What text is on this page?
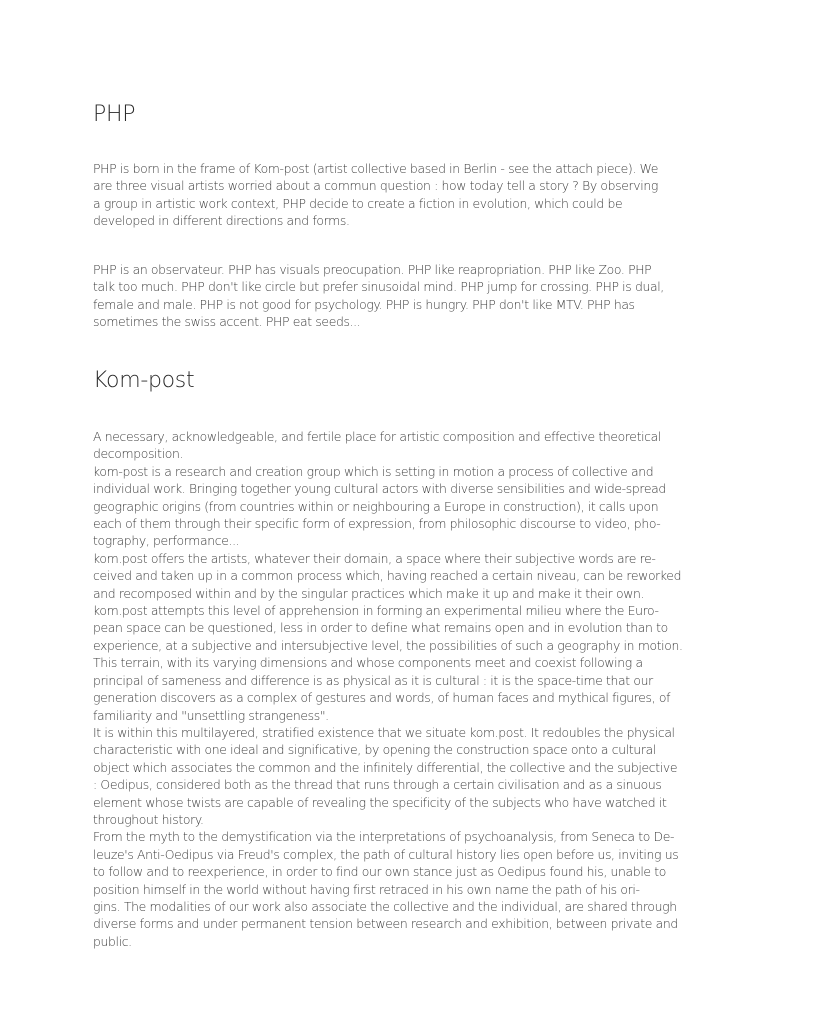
PHP

PHP is born in the frame of Kom-post (artist collective based in Berlin - see the attach piece). We
are three visual artists worried about a commun question : how today tell a story ? By observing
a group in artistic work context, PHP decide to create a fiction in evolution, which could be
developed in different directions and forms.

PHP is an observateur. PHP has visuals preocupation. PHP like reapropriation. PHP like Zoo. PHP
talk too much. PHP don't like circle but prefer sinusoidal mind. PHP jump for crossing. PHP is dual,
female and male. PHP is not good for psychology. PHP is hungry. PHP don't like MTV. PHP has
sometimes the swiss accent. PHP eat seeds...

Kom-post

A necessary, acknowledgeable, and fertile place for artistic composition and effective theoretical
decomposition.
kom-post is a research and creation group which is setting in motion a process of collective and
individual work. Bringing together young cultural actors with diverse sensibilities and wide-spread
geographic origins (from countries within or neighbouring a Europe in construction), it calls upon
each of them through their specific form of expression, from philosophic discourse to video, pho-
tography, performance...
kom.post offers the artists, whatever their domain, a space where their subjective words are re-
ceived and taken up in a common process which, having reached a certain niveau, can be reworked
and recomposed within and by the singular practices which make it up and make it their own.
kom.post attempts this level of apprehension in forming an experimental milieu where the Euro-
pean space can be questioned, less in order to define what remains open and in evolution than to
experience, at a subjective and intersubjective level, the possibilities of such a geography in motion.
This terrain, with its varying dimensions and whose components meet and coexist following a
principal of sameness and difference is as physical as it is cultural : it is the space-time that our
generation discovers as a complex of gestures and words, of human faces and mythical figures, of
familiarity and "unsettling strangeness".
It is within this multilayered, stratified existence that we situate kom.post. It redoubles the physical
characteristic with one ideal and significative, by opening the construction space onto a cultural
object which associates the common and the infinitely differential, the collective and the subjective
: Oedipus, considered both as the thread that runs through a certain civilisation and as a sinuous
element whose twists are capable of revealing the specificity of the subjects who have watched it
throughout history.
From the myth to the demystification via the interpretations of psychoanalysis, from Seneca to De-
leuze's Anti-Oedipus via Freud's complex, the path of cultural history lies open before us, inviting us
to follow and to reexperience, in order to find our own stance just as Oedipus found his, unable to
position himself in the world without having first retraced in his own name the path of his ori-
gins. The modalities of our work also associate the collective and the individual, are shared through
diverse forms and under permanent tension between research and exhibition, between private and
public.
